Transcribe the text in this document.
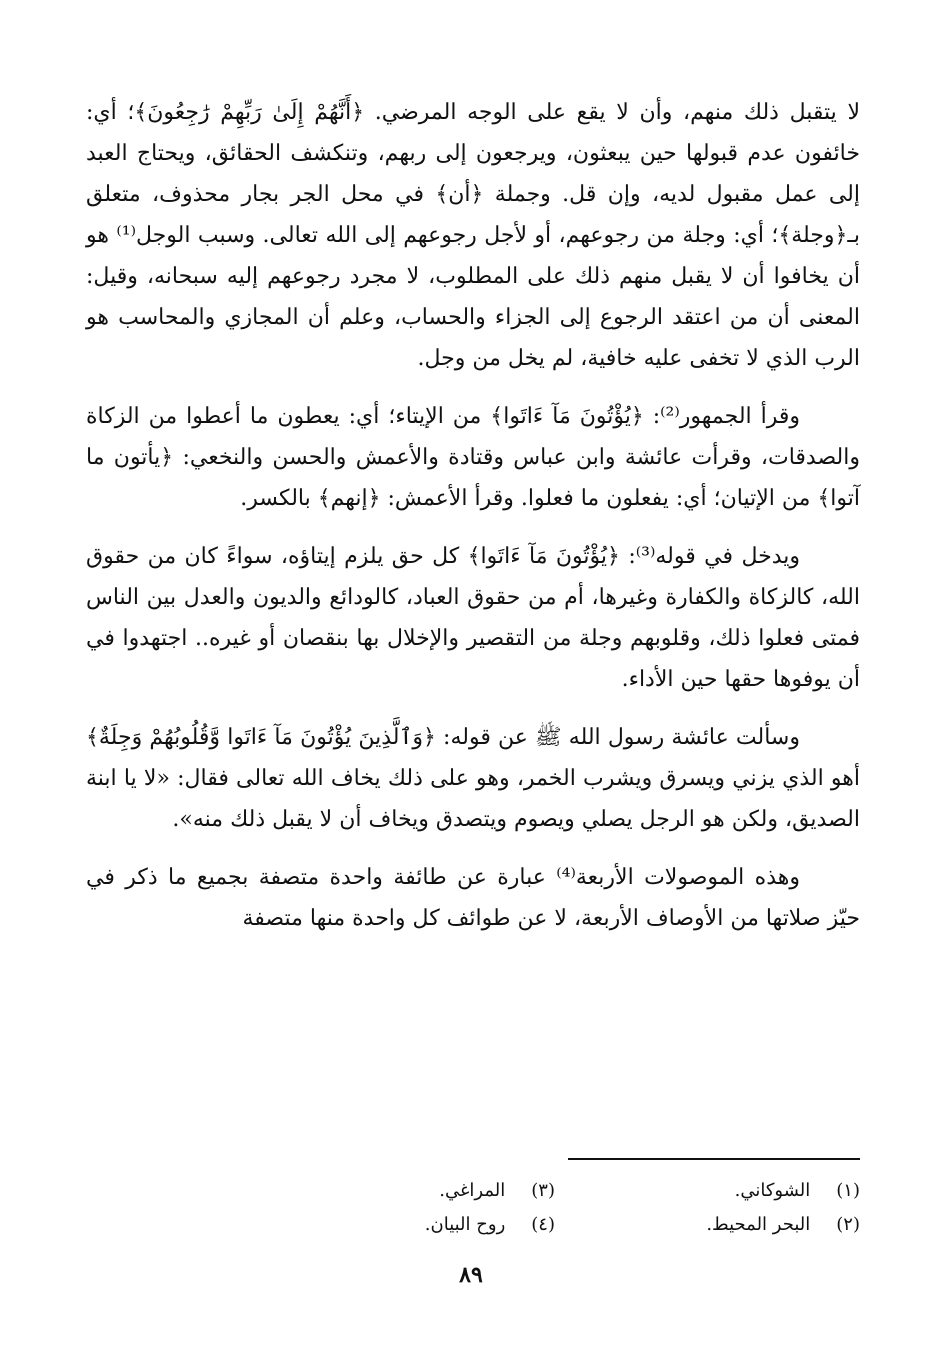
لا يتقبل ذلك منهم، وأن لا يقع على الوجه المرضي. ﴿أَنَّهُمْ إِلَىٰ رَبِّهِمْ رَٰجِعُونَ﴾؛ أي: خائفون عدم قبولها حين يبعثون، ويرجعون إلى ربهم، وتنكشف الحقائق، ويحتاج العبد إلى عمل مقبول لديه، وإن قل. وجملة ﴿أن﴾ في محل الجر بجار محذوف، متعلق بـ﴿وجلة﴾؛ أي: وجلة من رجوعهم، أو لأجل رجوعهم إلى الله تعالى. وسبب الوجل⁽¹⁾ هو أن يخافوا أن لا يقبل منهم ذلك على المطلوب، لا مجرد رجوعهم إليه سبحانه، وقيل: المعنى أن من اعتقد الرجوع إلى الجزاء والحساب، وعلم أن المجازي والمحاسب هو الرب الذي لا تخفى عليه خافية، لم يخل من وجل.

وقرأ الجمهور⁽²⁾: ﴿يُؤْتُونَ مَآ ءَاتَوا﴾ من الإيتاء؛ أي: يعطون ما أعطوا من الزكاة والصدقات، وقرأت عائشة وابن عباس وقتادة والأعمش والحسن والنخعي: ﴿يأتون ما آتوا﴾ من الإتيان؛ أي: يفعلون ما فعلوا. وقرأ الأعمش: ﴿إنهم﴾ بالكسر.

ويدخل في قوله⁽³⁾: ﴿يُؤْتُونَ مَآ ءَاتَوا﴾ كل حق يلزم إيتاؤه، سواءً كان من حقوق الله، كالزكاة والكفارة وغيرها، أم من حقوق العباد، كالودائع والديون والعدل بين الناس فمتى فعلوا ذلك، وقلوبهم وجلة من التقصير والإخلال بها بنقصان أو غيره.. اجتهدوا في أن يوفوها حقها حين الأداء.

وسألت عائشة رسول الله ﷺ عن قوله: ﴿وَٱلَّذِينَ يُؤْتُونَ مَآ ءَاتَوا وَّقُلُوبُهُمْ وَجِلَةٌ﴾ أهو الذي يزني ويسرق ويشرب الخمر، وهو على ذلك يخاف الله تعالى فقال: «لا يا ابنة الصديق، ولكن هو الرجل يصلي ويصوم ويتصدق ويخاف أن لا يقبل ذلك منه».

وهذه الموصولات الأربعة⁽⁴⁾ عبارة عن طائفة واحدة متصفة بجميع ما ذكر في حيّز صلاتها من الأوصاف الأربعة، لا عن طوائف كل واحدة منها متصفة

(١) الشوكاني.
(٣) المراغي.
(٢) البحر المحيط.
(٤) روح البيان.
٨٩
